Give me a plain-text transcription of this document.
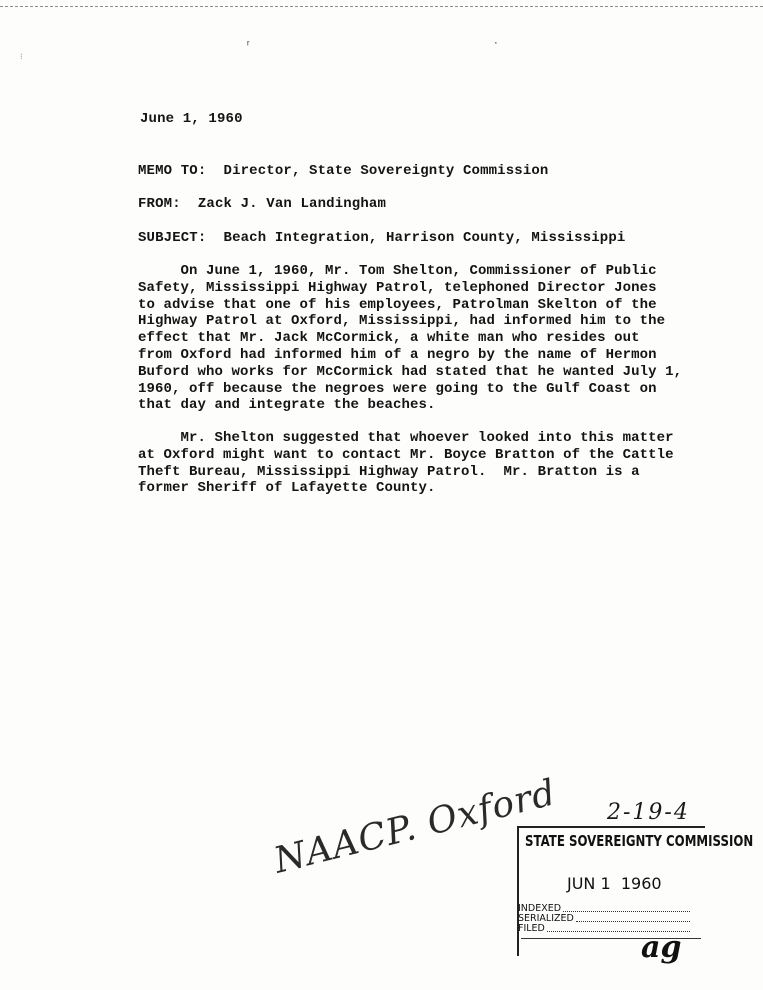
ʳ	᾿
⁝
June 1, 1960
MEMO TO: Director, State Sovereignty Commission
FROM: Zack J. Van Landingham
SUBJECT: Beach Integration, Harrison County, Mississippi
On June 1, 1960, Mr. Tom Shelton, Commissioner of Public
Safety, Mississippi Highway Patrol, telephoned Director Jones
to advise that one of his employees, Patrolman Skelton of the
Highway Patrol at Oxford, Mississippi, had informed him to the
effect that Mr. Jack McCormick, a white man who resides out
from Oxford had informed him of a negro by the name of Hermon
Buford who works for McCormick had stated that he wanted July 1,
1960, off because the negroes were going to the Gulf Coast on
that day and integrate the beaches.
Mr. Shelton suggested that whoever looked into this matter
at Oxford might want to contact Mr. Boyce Bratton of the Cattle
Theft Bureau, Mississippi Highway Patrol.  Mr. Bratton is a
former Sheriff of Lafayette County.
NAACP. Oxford 2-19-4
STATE SOVEREIGNTY COMMISSION
JUN 1  1960
INDEXED
SERIALIZED
FILED
ag
